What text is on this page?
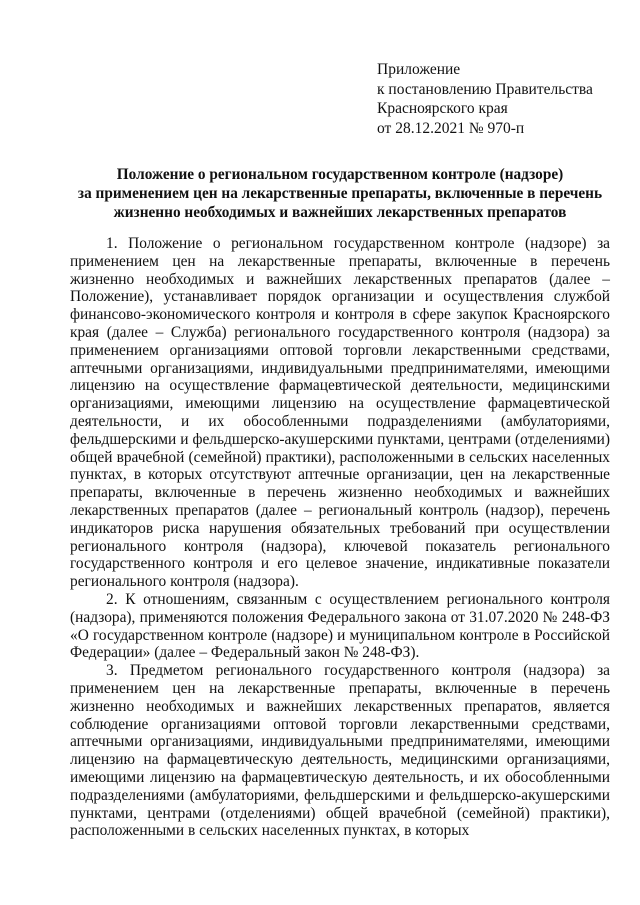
Приложение
к постановлению Правительства
Красноярского края
от 28.12.2021 № 970-п
Положение о региональном государственном контроле (надзоре)
за применением цен на лекарственные препараты, включенные в перечень
жизненно необходимых и важнейших лекарственных препаратов

1. Положение о региональном государственном контроле (надзоре) за применением цен на лекарственные препараты, включенные в перечень жизненно необходимых и важнейших лекарственных препаратов (далее – Положение), устанавливает порядок организации и осуществления службой финансово-экономического контроля и контроля в сфере закупок Красноярского края (далее – Служба) регионального государственного контроля (надзора) за применением организациями оптовой торговли лекарственными средствами, аптечными организациями, индивидуальными предпринимателями, имеющими лицензию на осуществление фармацевтической деятельности, медицинскими организациями, имеющими лицензию на осуществление фармацевтической деятельности, и их обособленными подразделениями (амбулаториями, фельдшерскими и фельдшерско-акушерскими пунктами, центрами (отделениями) общей врачебной (семейной) практики), расположенными в сельских населенных пунктах, в которых отсутствуют аптечные организации, цен на лекарственные препараты, включенные в перечень жизненно необходимых и важнейших лекарственных препаратов (далее – региональный контроль (надзор), перечень индикаторов риска нарушения обязательных требований при осуществлении регионального контроля (надзора), ключевой показатель регионального государственного контроля и его целевое значение, индикативные показатели регионального контроля (надзора).

2. К отношениям, связанным с осуществлением регионального контроля (надзора), применяются положения Федерального закона от 31.07.2020 № 248-ФЗ «О государственном контроле (надзоре) и муниципальном контроле в Российской Федерации» (далее – Федеральный закон № 248-ФЗ).

3. Предметом регионального государственного контроля (надзора) за применением цен на лекарственные препараты, включенные в перечень жизненно необходимых и важнейших лекарственных препаратов, является соблюдение организациями оптовой торговли лекарственными средствами, аптечными организациями, индивидуальными предпринимателями, имеющими лицензию на фармацевтическую деятельность, медицинскими организациями, имеющими лицензию на фармацевтическую деятельность, и их обособленными подразделениями (амбулаториями, фельдшерскими и фельдшерско-акушерскими пунктами, центрами (отделениями) общей врачебной (семейной) практики), расположенными в сельских населенных пунктах, в которых
